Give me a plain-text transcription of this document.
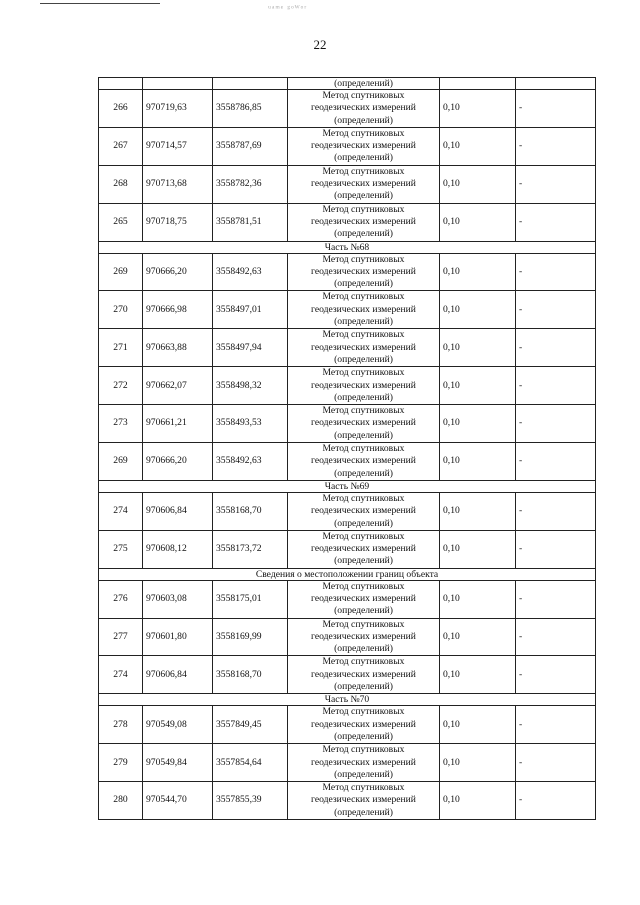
ᵘᵃᵐᵉ ᵍᵒᵂᵒʳ
22
			(определений)		
266	970719,63	3558786,85	Метод спутниковых
геодезических измерений
(определений)	0,10	-
267	970714,57	3558787,69	Метод спутниковых
геодезических измерений
(определений)	0,10	-
268	970713,68	3558782,36	Метод спутниковых
геодезических измерений
(определений)	0,10	-
265	970718,75	3558781,51	Метод спутниковых
геодезических измерений
(определений)	0,10	-
Часть №68					
269	970666,20	3558492,63	Метод спутниковых
геодезических измерений
(определений)	0,10	-
270	970666,98	3558497,01	Метод спутниковых
геодезических измерений
(определений)	0,10	-
271	970663,88	3558497,94	Метод спутниковых
геодезических измерений
(определений)	0,10	-
272	970662,07	3558498,32	Метод спутниковых
геодезических измерений
(определений)	0,10	-
273	970661,21	3558493,53	Метод спутниковых
геодезических измерений
(определений)	0,10	-
269	970666,20	3558492,63	Метод спутниковых
геодезических измерений
(определений)	0,10	-
Часть №69					
274	970606,84	3558168,70	Метод спутниковых
геодезических измерений
(определений)	0,10	-
275	970608,12	3558173,72	Метод спутниковых
геодезических измерений
(определений)	0,10	-
Сведения о местоположении границ объекта					
276	970603,08	3558175,01	Метод спутниковых
геодезических измерений
(определений)	0,10	-
277	970601,80	3558169,99	Метод спутниковых
геодезических измерений
(определений)	0,10	-
274	970606,84	3558168,70	Метод спутниковых
геодезических измерений
(определений)	0,10	-
Часть №70					
278	970549,08	3557849,45	Метод спутниковых
геодезических измерений
(определений)	0,10	-
279	970549,84	3557854,64	Метод спутниковых
геодезических измерений
(определений)	0,10	-
280	970544,70	3557855,39	Метод спутниковых
геодезических измерений
(определений)	0,10	-
